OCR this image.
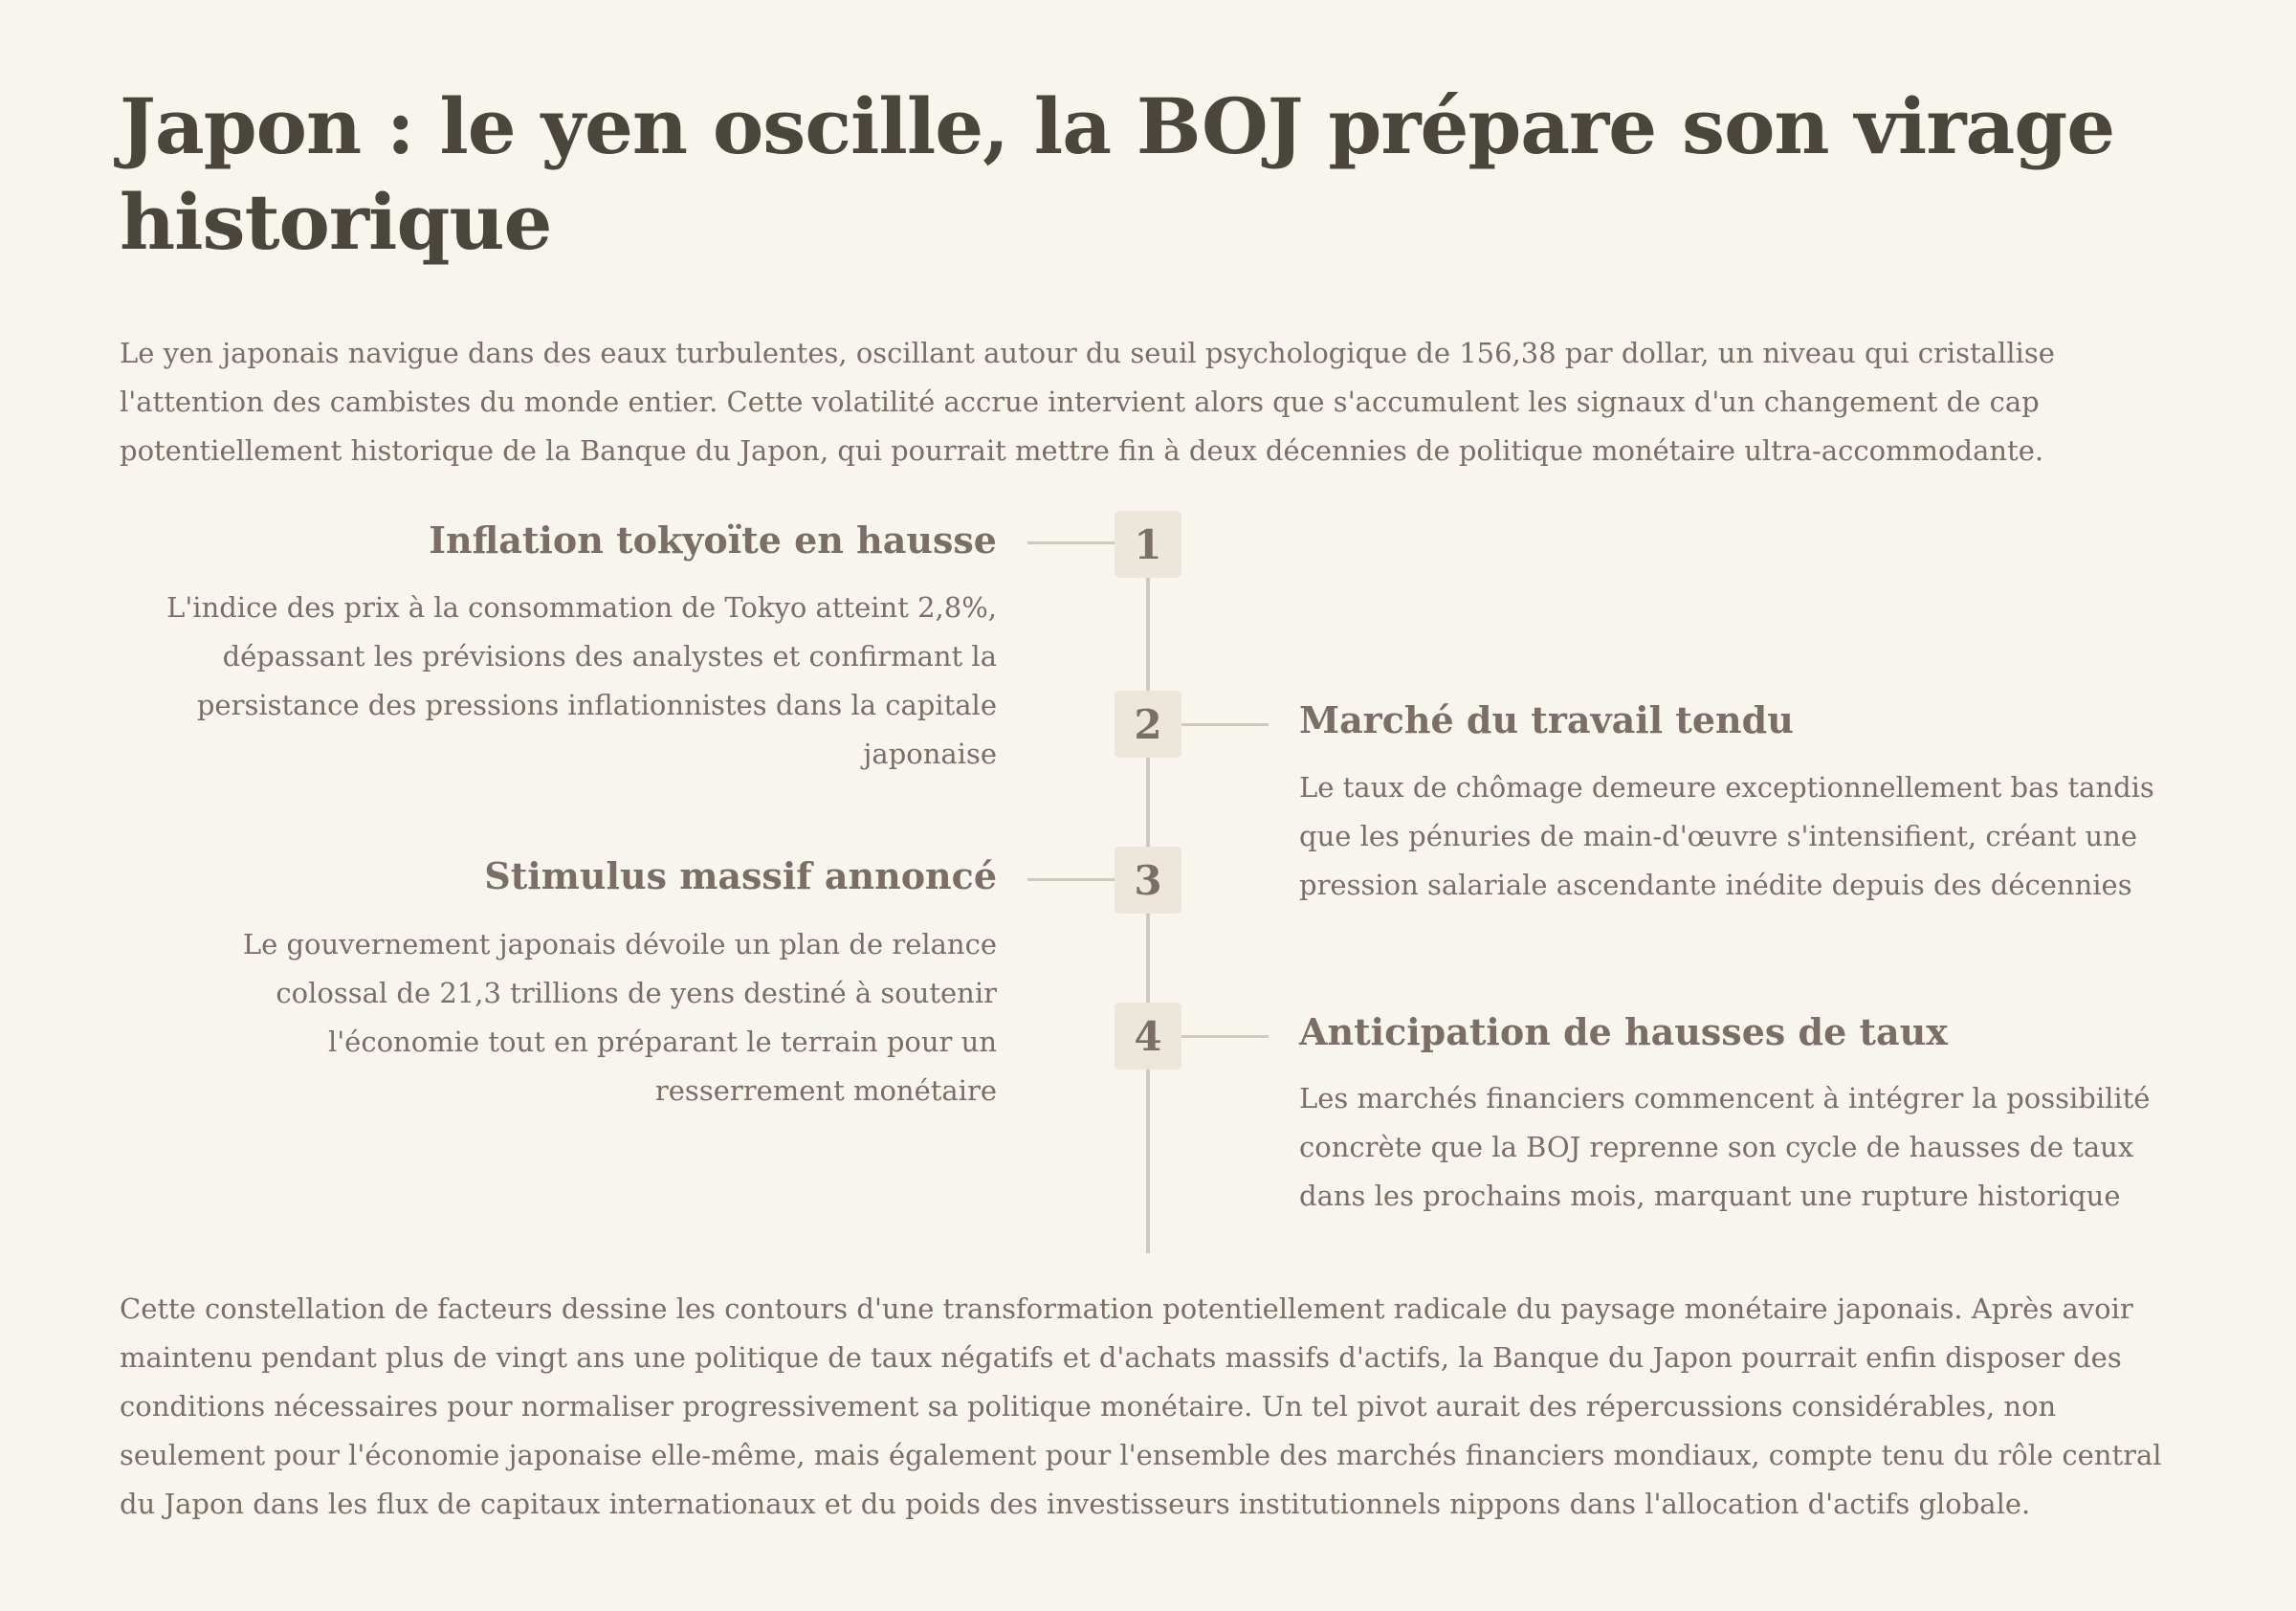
Japon : le yen oscille, la BOJ prépare son virage historique

Le yen japonais navigue dans des eaux turbulentes, oscillant autour du seuil psychologique de 156,38 par dollar, un niveau qui cristallise l'attention des cambistes du monde entier. Cette volatilité accrue intervient alors que s'accumulent les signaux d'un changement de cap potentiellement historique de la Banque du Japon, qui pourrait mettre fin à deux décennies de politique monétaire ultra-accommodante.

1
Inflation tokyoïte en hausse

L'indice des prix à la consommation de Tokyo atteint 2,8%, dépassant les prévisions des analystes et confirmant la persistance des pressions inflationnistes dans la capitale japonaise

2	Marché du travail tendu

Le taux de chômage demeure exceptionnellement bas tandis que les pénuries de main-d'œuvre s'intensifient, créant une pression salariale ascendante inédite depuis des décennies

3
Stimulus massif annoncé

Le gouvernement japonais dévoile un plan de relance colossal de 21,3 trillions de yens destiné à soutenir l'économie tout en préparant le terrain pour un resserrement monétaire

4	Anticipation de hausses de taux

Les marchés financiers commencent à intégrer la possibilité concrète que la BOJ reprenne son cycle de hausses de taux dans les prochains mois, marquant une rupture historique

Cette constellation de facteurs dessine les contours d'une transformation potentiellement radicale du paysage monétaire japonais. Après avoir maintenu pendant plus de vingt ans une politique de taux négatifs et d'achats massifs d'actifs, la Banque du Japon pourrait enfin disposer des conditions nécessaires pour normaliser progressivement sa politique monétaire. Un tel pivot aurait des répercussions considérables, non seulement pour l'économie japonaise elle-même, mais également pour l'ensemble des marchés financiers mondiaux, compte tenu du rôle central du Japon dans les flux de capitaux internationaux et du poids des investisseurs institutionnels nippons dans l'allocation d'actifs globale.
